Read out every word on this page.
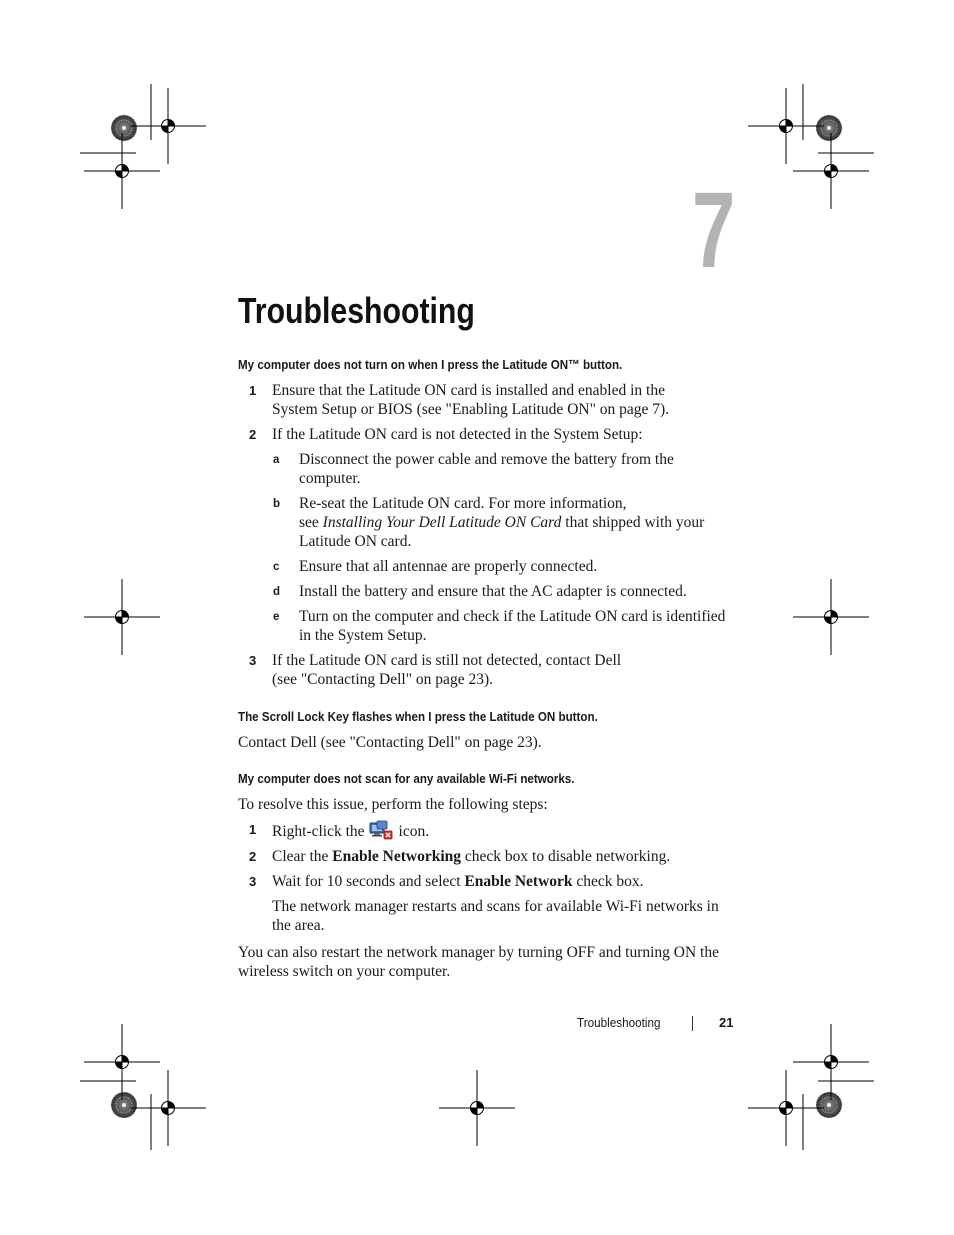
7
Troubleshooting
My computer does not turn on when I press the Latitude ON™ button.
1 Ensure that the Latitude ON card is installed and enabled in the
System Setup or BIOS (see "Enabling Latitude ON" on page 7).
2 If the Latitude ON card is not detected in the System Setup:
a Disconnect the power cable and remove the battery from the
computer.
b Re-seat the Latitude ON card. For more information,
see Installing Your Dell Latitude ON Card that shipped with your
Latitude ON card.
c Ensure that all antennae are properly connected.
d Install the battery and ensure that the AC adapter is connected.
e Turn on the computer and check if the Latitude ON card is identified
in the System Setup.
3 If the Latitude ON card is still not detected, contact Dell
(see "Contacting Dell" on page 23).
The Scroll Lock Key flashes when I press the Latitude ON button.

Contact Dell (see "Contacting Dell" on page 23).

My computer does not scan for any available Wi-Fi networks.

To resolve this issue, perform the following steps:

1 Right-click the icon.
2 Clear the Enable Networking check box to disable networking.
3 Wait for 10 seconds and select Enable Network check box.
The network manager restarts and scans for available Wi-Fi networks in
the area.

You can also restart the network manager by turning OFF and turning ON the
wireless switch on your computer.

Troubleshooting	21
